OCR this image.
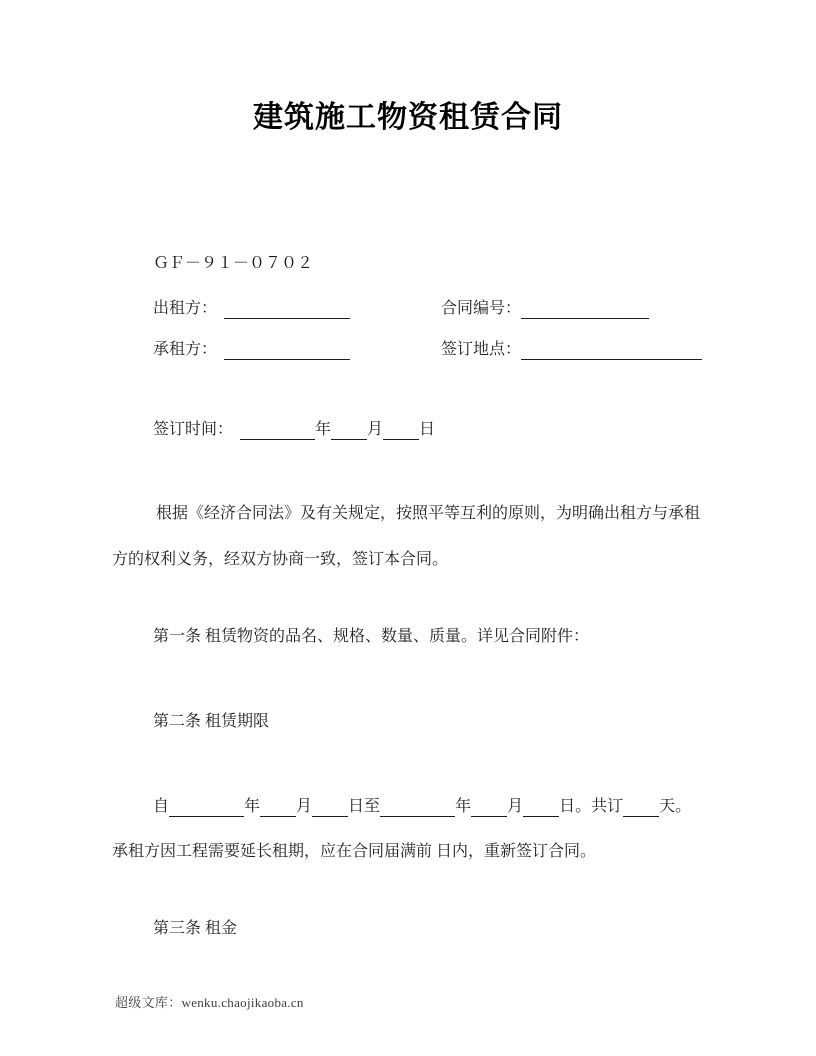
建筑施工物资租赁合同
ＧＦ－９１－０７０２
出租方：	合同编号：
承租方：	签订地点：
签订时间：	年 月 日
根据《经济合同法》及有关规定，按照平等互利的原则，为明确出租方与承租
方的权利义务，经双方协商一致，签订本合同。
第一条 租赁物资的品名、规格、数量、质量。详见合同附件：
第二条 租赁期限
自	年 月 日至	年 月 日。共订 天。
承租方因工程需要延长租期，应在合同届满前 日内，重新签订合同。
第三条 租金
超级文库：wenku.chaojikaoba.cn
